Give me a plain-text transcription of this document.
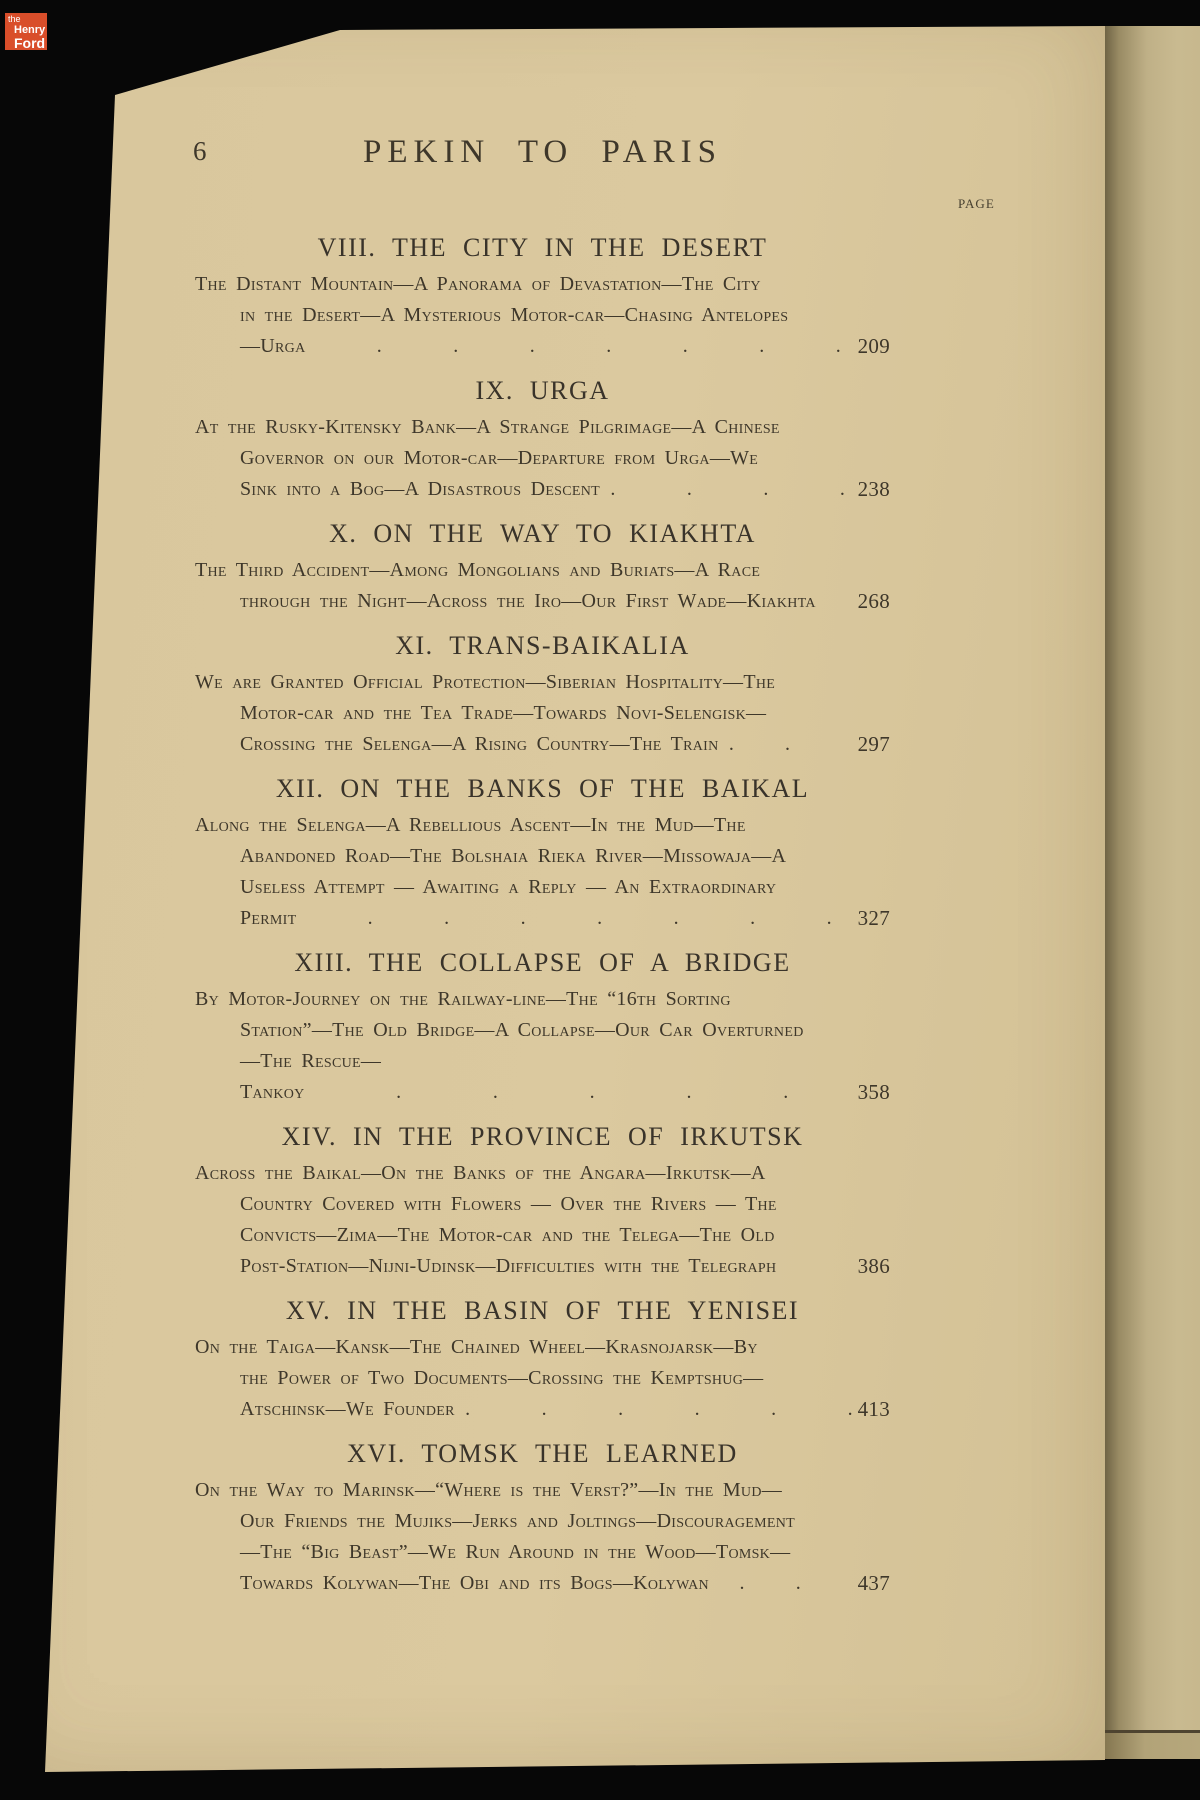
the
Henry
Ford
6	PEKIN TO PARIS
PAGE
VIII. THE CITY IN THE DESERT
The Distant Mountain—A Panorama of Devastation—The City
in the Desert—A Mysterious Motor-car—Chasing Antelopes
—Urga    .    .    .    .    .    .    . 209
IX. URGA
At the Rusky-Kitensky Bank—A Strange Pilgrimage—A Chinese
Governor on our Motor-car—Departure from Urga—We
Sink into a Bog—A Disastrous Descent .    .    .    . 238
X. ON THE WAY TO KIAKHTA
The Third Accident—Among Mongolians and Buriats—A Race
through the Night—Across the Iro—Our First Wade—Kiakhta	268
XI. TRANS-BAIKALIA
We are Granted Official Protection—Siberian Hospitality—The
Motor-car and the Tea Trade—Towards Novi-Selengisk—
Crossing the Selenga—A Rising Country—The Train .   .	297
XII. ON THE BANKS OF THE BAIKAL
Along the Selenga—A Rebellious Ascent—In the Mud—The
Abandoned Road—The Bolshaia Rieka River—Missowaja—A
Useless Attempt — Awaiting a Reply — An Extraordinary
Permit    .    .    .    .    .    .    .	327
XIII. THE COLLAPSE OF A BRIDGE
By Motor-Journey on the Railway-line—The “16th Sorting
Station”—The Old Bridge—A Collapse—Our Car Overturned
—The Rescue—Tankoy     .     .     .     .     .	358
XIV. IN THE PROVINCE OF IRKUTSK
Across the Baikal—On the Banks of the Angara—Irkutsk—A
Country Covered with Flowers — Over the Rivers — The
Convicts—Zima—The Motor-car and the Telega—The Old
Post-Station—Nijni-Udinsk—Difficulties with the Telegraph	386
XV. IN THE BASIN OF THE YENISEI
On the Taiga—Kansk—The Chained Wheel—Krasnojarsk—By
the Power of Two Documents—Crossing the Kemptshug—
Atschinsk—We Founder .    .    .    .    .    . 413
XVI. TOMSK THE LEARNED
On the Way to Marinsk—“Where is the Verst?”—In the Mud—
Our Friends the Mujiks—Jerks and Joltings—Discouragement
—The “Big Beast”—We Run Around in the Wood—Tomsk—
Towards Kolywan—The Obi and its Bogs—Kolywan  .   .	437
